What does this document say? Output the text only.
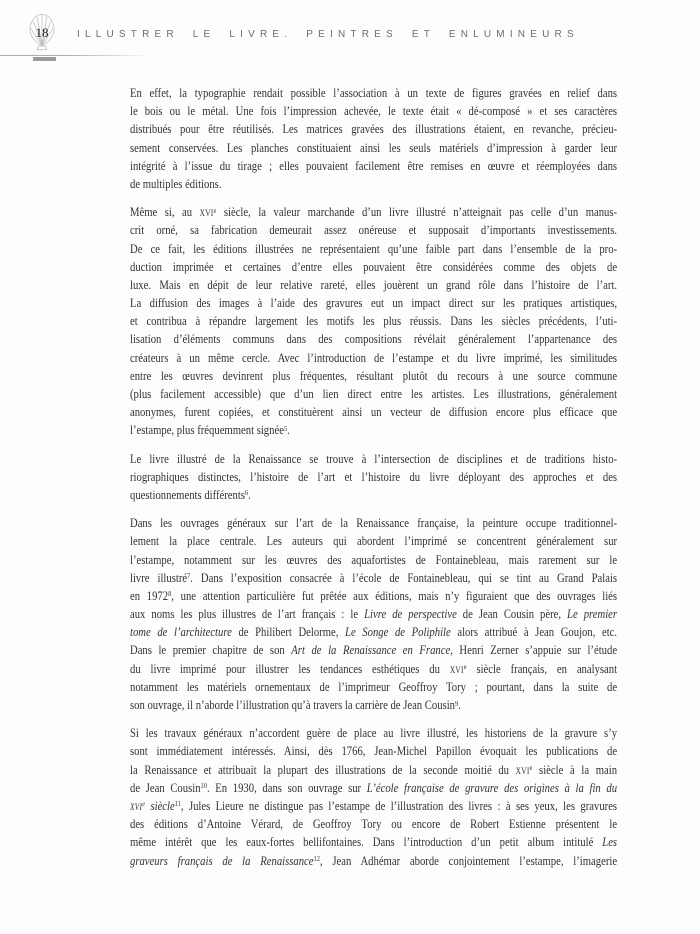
18	ILLUSTRER LE LIVRE. PEINTRES ET ENLUMINEURS

En effet, la typographie rendait possible l’association à un texte de figures gravées en relief dans
le bois ou le métal. Une fois l’impression achevée, le texte était « dé-composé » et ses caractères
distribués pour être réutilisés. Les matrices gravées des illustrations étaient, en revanche, précieu-
sement conservées. Les planches constituaient ainsi les seuls matériels d’impression à garder leur
intégrité à l’issue du tirage ; elles pouvaient facilement être remises en œuvre et réemployées dans
de multiples éditions.

Même si, au xvi$^e$ siècle, la valeur marchande d’un livre illustré n’atteignait pas celle d’un manus-
crit orné, sa fabrication demeurait assez onéreuse et supposait d’importants investissements.
De ce fait, les éditions illustrées ne représentaient qu’une faible part dans l’ensemble de la pro-
duction imprimée et certaines d’entre elles pouvaient être considérées comme des objets de
luxe. Mais en dépit de leur relative rareté, elles jouèrent un grand rôle dans l’histoire de l’art.
La diffusion des images à l’aide des gravures eut un impact direct sur les pratiques artistiques,
et contribua à répandre largement les motifs les plus réussis. Dans les siècles précédents, l’uti-
lisation d’éléments communs dans des compositions révélait généralement l’appartenance des
créateurs à un même cercle. Avec l’introduction de l’estampe et du livre imprimé, les similitudes
entre les œuvres devinrent plus fréquentes, résultant plutôt du recours à une source commune
(plus facilement accessible) que d’un lien direct entre les artistes. Les illustrations, généralement
anonymes, furent copiées, et constituèrent ainsi un vecteur de diffusion encore plus efficace que
l’estampe, plus fréquemment signée$^5$.

Le livre illustré de la Renaissance se trouve à l’intersection de disciplines et de traditions histo-
riographiques distinctes, l’histoire de l’art et l’histoire du livre déployant des approches et des
questionnements différents$^6$.

Dans les ouvrages généraux sur l’art de la Renaissance française, la peinture occupe traditionnel-
lement la place centrale. Les auteurs qui abordent l’imprimé se concentrent généralement sur
l’estampe, notamment sur les œuvres des aquafortistes de Fontainebleau, mais rarement sur le
livre illustré$^7$. Dans l’exposition consacrée à l’école de Fontainebleau, qui se tint au Grand Palais
en 1972$^8$, une attention particulière fut prêtée aux éditions, mais n’y figuraient que des ouvrages liés
aux noms les plus illustres de l’art français : le Livre de perspective de Jean Cousin père, Le premier
tome de l’architecture de Philibert Delorme, Le Songe de Poliphile alors attribué à Jean Goujon, etc.
Dans le premier chapitre de son Art de la Renaissance en France, Henri Zerner s’appuie sur l’étude
du livre imprimé pour illustrer les tendances esthétiques du xvi$^e$ siècle français, en analysant
notamment les matériels ornementaux de l’imprimeur Geoffroy Tory ; pourtant, dans la suite de
son ouvrage, il n’aborde l’illustration qu’à travers la carrière de Jean Cousin$^9$.

Si les travaux généraux n’accordent guère de place au livre illustré, les historiens de la gravure s’y
sont immédiatement intéressés. Ainsi, dès 1766, Jean-Michel Papillon évoquait les publications de
la Renaissance et attribuait la plupart des illustrations de la seconde moitié du xvi$^e$ siècle à la main
de Jean Cousin$^{10}$. En 1930, dans son ouvrage sur L’école française de gravure des origines à la fin du
xvi$^e$ siècle$^{11}$, Jules Lieure ne distingue pas l’estampe de l’illustration des livres : à ses yeux, les gravures
des éditions d’Antoine Vérard, de Geoffroy Tory ou encore de Robert Estienne présentent le
même intérêt que les eaux-fortes bellifontaines. Dans l’introduction d’un petit album intitulé Les
graveurs français de la Renaissance$^{12}$, Jean Adhémar aborde conjointement l’estampe, l’imagerie
